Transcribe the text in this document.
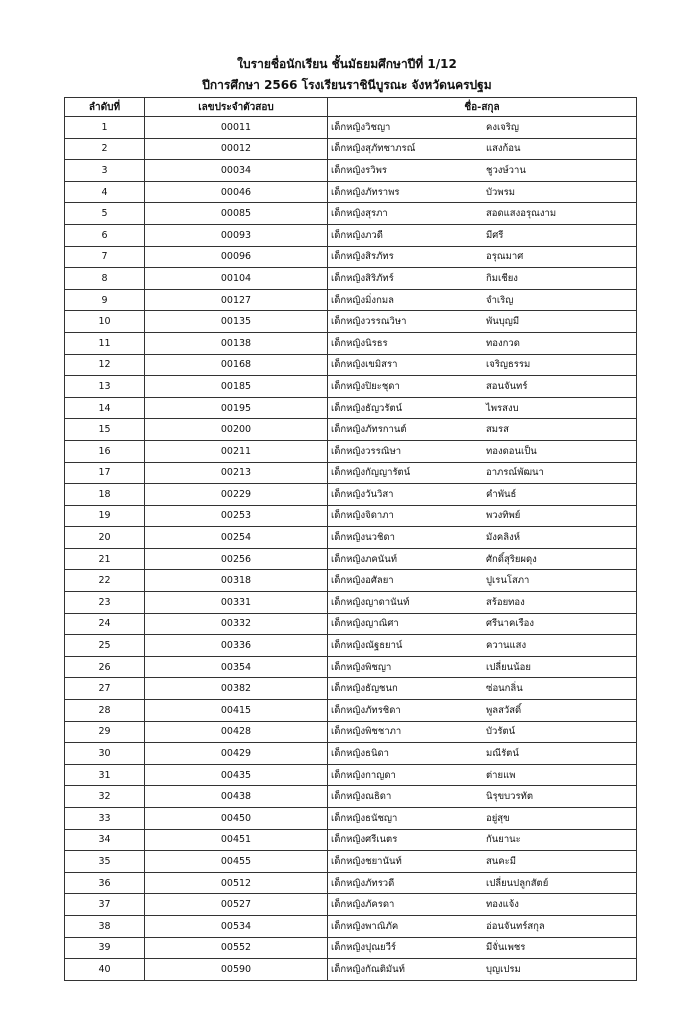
ใบรายชื่อนักเรียน ชั้นมัธยมศึกษาปีที่ 1/12
ปีการศึกษา 2566 โรงเรียนราชินีบูรณะ จังหวัดนครปฐม
ลำดับที่	เลขประจำตัวสอบ	ชื่อ-สกุล
1	00011	เด็กหญิงวิชญา คงเจริญ
2	00012	เด็กหญิงสุภัทชาภรณ์ แสงก้อน
3	00034	เด็กหญิงรวิพร ชูวงษ์วาน
4	00046	เด็กหญิงภัทราพร บัวพรม
5	00085	เด็กหญิงสุรภา สอดแสงอรุณงาม
6	00093	เด็กหญิงภวดี มีศรี
7	00096	เด็กหญิงสิรภัทร อรุณมาศ
8	00104	เด็กหญิงสิริภัทร์ กิมเชียง
9	00127	เด็กหญิงมิ่งกมล จำเริญ
10	00135	เด็กหญิงวรรณวิษา พันบุญมี
11	00138	เด็กหญิงนิรธร ทองกวด
12	00168	เด็กหญิงเขมิสรา เจริญธรรม
13	00185	เด็กหญิงปิยะชุดา สอนจันทร์
14	00195	เด็กหญิงธัญวรัตน์ ไพรสงบ
15	00200	เด็กหญิงภัทรกานต์ สมรส
16	00211	เด็กหญิงวรรณิษา ทองดอนเป็น
17	00213	เด็กหญิงกัญญารัตน์ อาภรณ์พัฒนา
18	00229	เด็กหญิงวันวิสา คำพันธ์
19	00253	เด็กหญิงจิดาภา พวงทิพย์
20	00254	เด็กหญิงนวชิดา มังคลิงห์
21	00256	เด็กหญิงภคนันท์ ศักดิ์สุริยผดุง
22	00318	เด็กหญิงอศัลยา ปูเรนโสภา
23	00331	เด็กหญิงญาดานันท์ สร้อยทอง
24	00332	เด็กหญิงญาณิศา ศรีนาคเรือง
25	00336	เด็กหญิงณัฐธยาน์ ควานแสง
26	00354	เด็กหญิงพิชญา เปลี่ยนน้อย
27	00382	เด็กหญิงธัญชนก ซ่อนกลิ่น
28	00415	เด็กหญิงภัทรชิดา พูลสวัสดิ์
29	00428	เด็กหญิงพิชชาภา บัวรัตน์
30	00429	เด็กหญิงธนิดา มณีรัตน์
31	00435	เด็กหญิงกาญดา ต่ายแพ
32	00438	เด็กหญิงณธิดา นิรุขบวรทัต
33	00450	เด็กหญิงธนัชญา อยู่สุข
34	00451	เด็กหญิงศรีเนตร กันยานะ
35	00455	เด็กหญิงชยานันท์ สนคะมี
36	00512	เด็กหญิงภัทรวดี เปลี่ยนปลูกสัตย์
37	00527	เด็กหญิงภัครดา ทองแจ้ง
38	00534	เด็กหญิงพาณิภัค อ่อนจันทร์สกุล
39	00552	เด็กหญิงปุณยวีร์ มีจั่นเพชร
40	00590	เด็กหญิงกัณติมันท์ บุญเปรม
